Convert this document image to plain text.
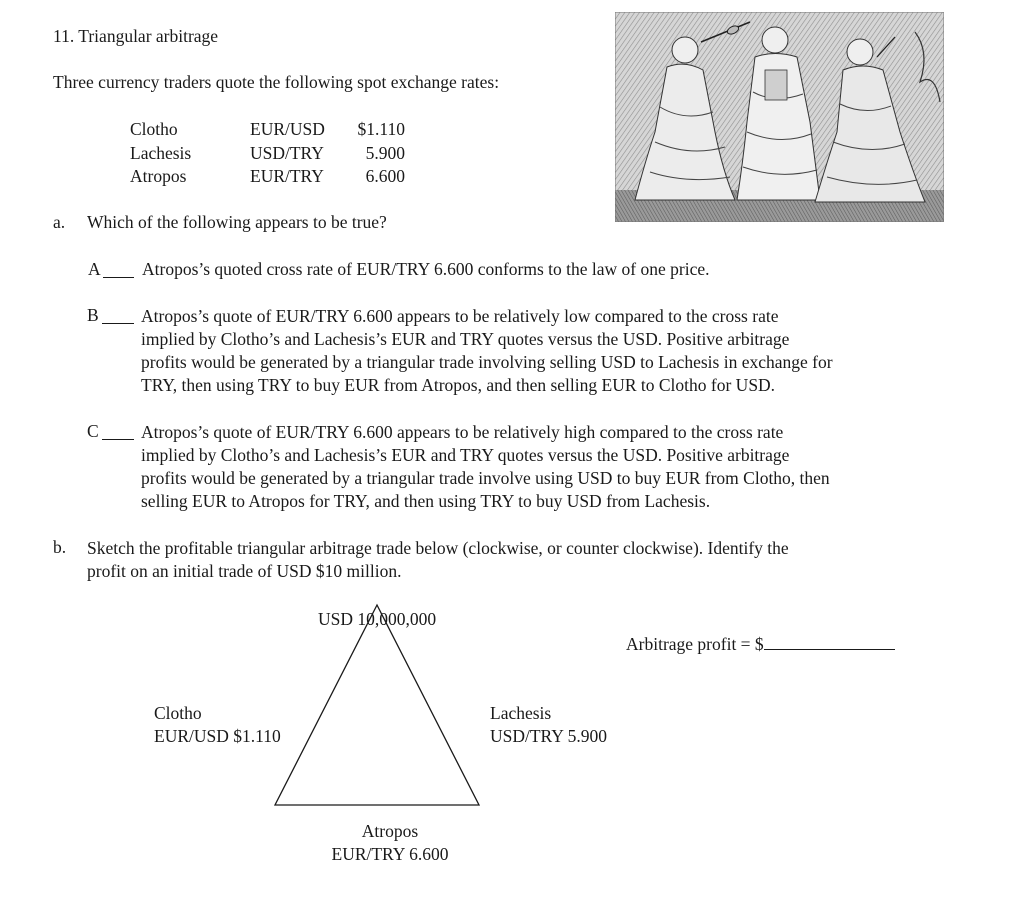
11. Triangular arbitrage
Three currency traders quote the following spot exchange rates:
Clotho
Lachesis
Atropos
EUR/USD
USD/TRY
EUR/TRY
$1.110
5.900
6.600
a. Which of the following appears to be true?
A Atropos’s quoted cross rate of EUR/TRY 6.600 conforms to the law of one price.
B Atropos’s quote of EUR/TRY 6.600 appears to be relatively low compared to the cross rate
implied by Clotho’s and Lachesis’s EUR and TRY quotes versus the USD. Positive arbitrage
profits would be generated by a triangular trade involving selling USD to Lachesis in exchange for
TRY, then using TRY to buy EUR from Atropos, and then selling EUR to Clotho for USD.
C Atropos’s quote of EUR/TRY 6.600 appears to be relatively high compared to the cross rate
implied by Clotho’s and Lachesis’s EUR and TRY quotes versus the USD. Positive arbitrage
profits would be generated by a triangular trade involve using USD to buy EUR from Clotho, then
selling EUR to Atropos for TRY, and then using TRY to buy USD from Lachesis.
b. Sketch the profitable triangular arbitrage trade below (clockwise, or counter clockwise). Identify the
profit on an initial trade of USD $10 million.
Arbitrage profit = $
USD 10,000,000
Clotho
EUR/USD $1.110
Lachesis
USD/TRY 5.900
Atropos
EUR/TRY 6.600
